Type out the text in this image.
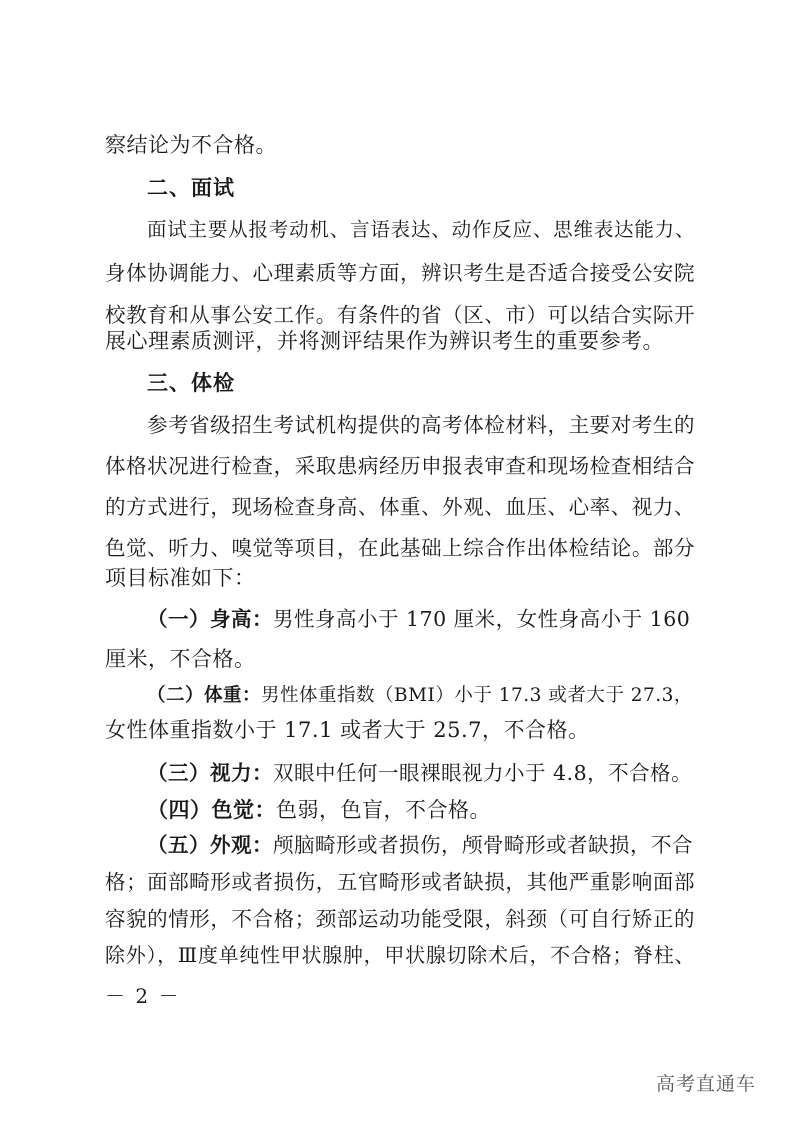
察结论为不合格。
二、面试
面试主要从报考动机、言语表达、动作反应、思维表达能力、
身体协调能力、心理素质等方面，辨识考生是否适合接受公安院
校教育和从事公安工作。有条件的省（区、市）可以结合实际开
展心理素质测评，并将测评结果作为辨识考生的重要参考。
三、体检
参考省级招生考试机构提供的高考体检材料，主要对考生的
体格状况进行检查，采取患病经历申报表审查和现场检查相结合
的方式进行，现场检查身高、体重、外观、血压、心率、视力、
色觉、听力、嗅觉等项目，在此基础上综合作出体检结论。部分
项目标准如下：
（一）身高：男性身高小于 170 厘米，女性身高小于 160
厘米，不合格。
（二）体重：男性体重指数（BMI）小于 17.3 或者大于 27.3，
女性体重指数小于 17.1 或者大于 25.7，不合格。
（三）视力：双眼中任何一眼裸眼视力小于 4.8，不合格。
（四）色觉：色弱，色盲，不合格。
（五）外观：颅脑畸形或者损伤，颅骨畸形或者缺损，不合
格；面部畸形或者损伤，五官畸形或者缺损，其他严重影响面部
容貌的情形，不合格；颈部运动功能受限，斜颈（可自行矫正的
除外），Ⅲ度单纯性甲状腺肿，甲状腺切除术后，不合格；脊柱、
－ 2 －
高考直通车
